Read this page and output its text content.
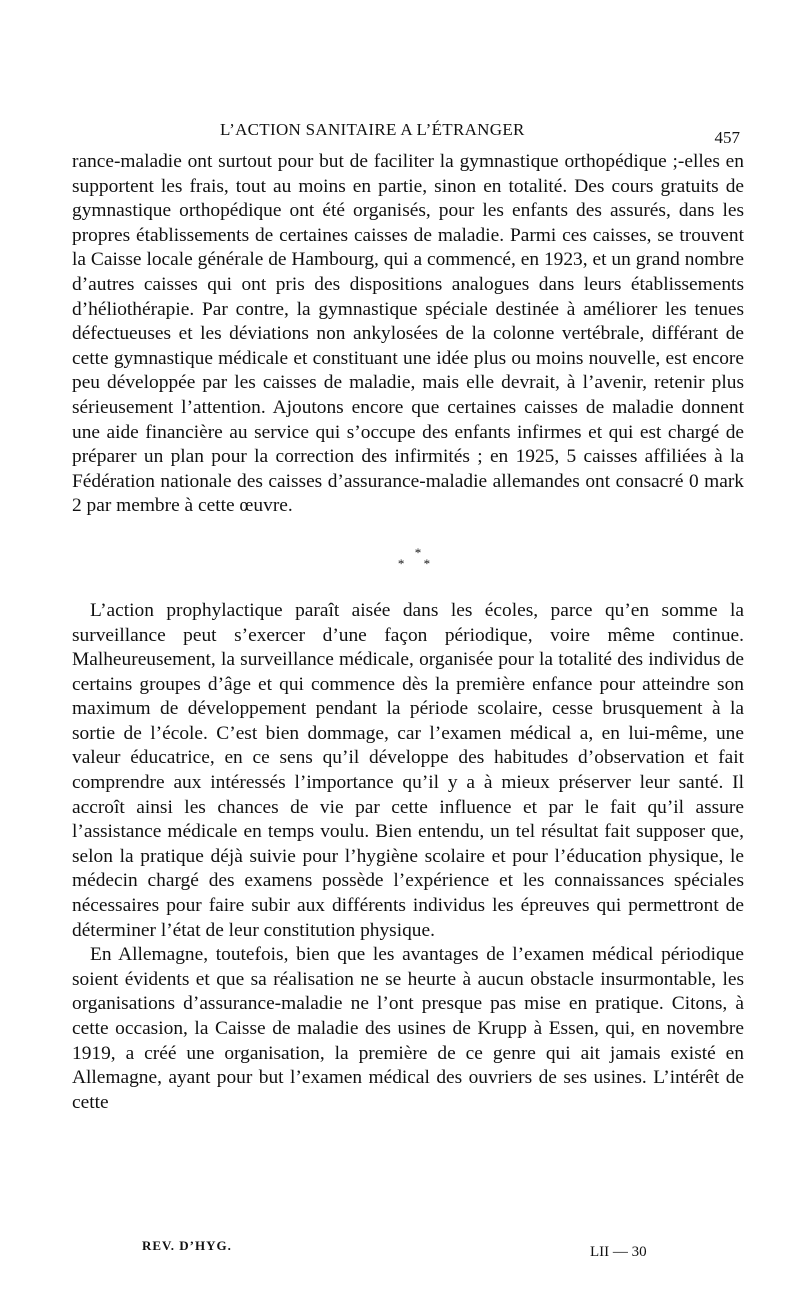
L’ACTION SANITAIRE A L’ÉTRANGER	457

rance-maladie ont surtout pour but de faciliter la gymnastique orthopédique ;-elles en supportent les frais, tout au moins en partie, sinon en totalité. Des cours gratuits de gymnastique orthopédique ont été organisés, pour les enfants des assurés, dans les propres établissements de certaines caisses de maladie. Parmi ces caisses, se trouvent la Caisse locale générale de Hambourg, qui a commencé, en 1923, et un grand nombre d’autres caisses qui ont pris des dispositions analogues dans leurs établissements d’héliothérapie. Par contre, la gymnastique spéciale destinée à améliorer les tenues défectueuses et les déviations non ankylosées de la colonne vertébrale, différant de cette gymnastique médicale et constituant une idée plus ou moins nouvelle, est encore peu développée par les caisses de maladie, mais elle devrait, à l’avenir, retenir plus sérieusement l’attention. Ajoutons encore que certaines caisses de maladie donnent une aide financière au service qui s’occupe des enfants infirmes et qui est chargé de préparer un plan pour la correction des infirmités ; en 1925, 5 caisses affiliées à la Fédération nationale des caisses d’assurance-maladie allemandes ont consacré 0 mark 2 par membre à cette œuvre.

*
* *

L’action prophylactique paraît aisée dans les écoles, parce qu’en somme la surveillance peut s’exercer d’une façon périodique, voire même continue. Malheureusement, la surveillance médicale, organisée pour la totalité des individus de certains groupes d’âge et qui commence dès la première enfance pour atteindre son maximum de développement pendant la période scolaire, cesse brusquement à la sortie de l’école. C’est bien dommage, car l’examen médical a, en lui-même, une valeur éducatrice, en ce sens qu’il développe des habitudes d’observation et fait comprendre aux intéressés l’importance qu’il y a à mieux préserver leur santé. Il accroît ainsi les chances de vie par cette influence et par le fait qu’il assure l’assistance médicale en temps voulu. Bien entendu, un tel résultat fait supposer que, selon la pratique déjà suivie pour l’hygiène scolaire et pour l’éducation physique, le médecin chargé des examens possède l’expérience et les connaissances spéciales nécessaires pour faire subir aux différents individus les épreuves qui permettront de déterminer l’état de leur constitution physique.

En Allemagne, toutefois, bien que les avantages de l’examen médical périodique soient évidents et que sa réalisation ne se heurte à aucun obstacle insurmontable, les organisations d’assurance-maladie ne l’ont presque pas mise en pratique. Citons, à cette occasion, la Caisse de maladie des usines de Krupp à Essen, qui, en novembre 1919, a créé une organisation, la première de ce genre qui ait jamais existé en Allemagne, ayant pour but l’examen médical des ouvriers de ses usines. L’intérêt de cette

REV. D’HYG.	LII — 30
